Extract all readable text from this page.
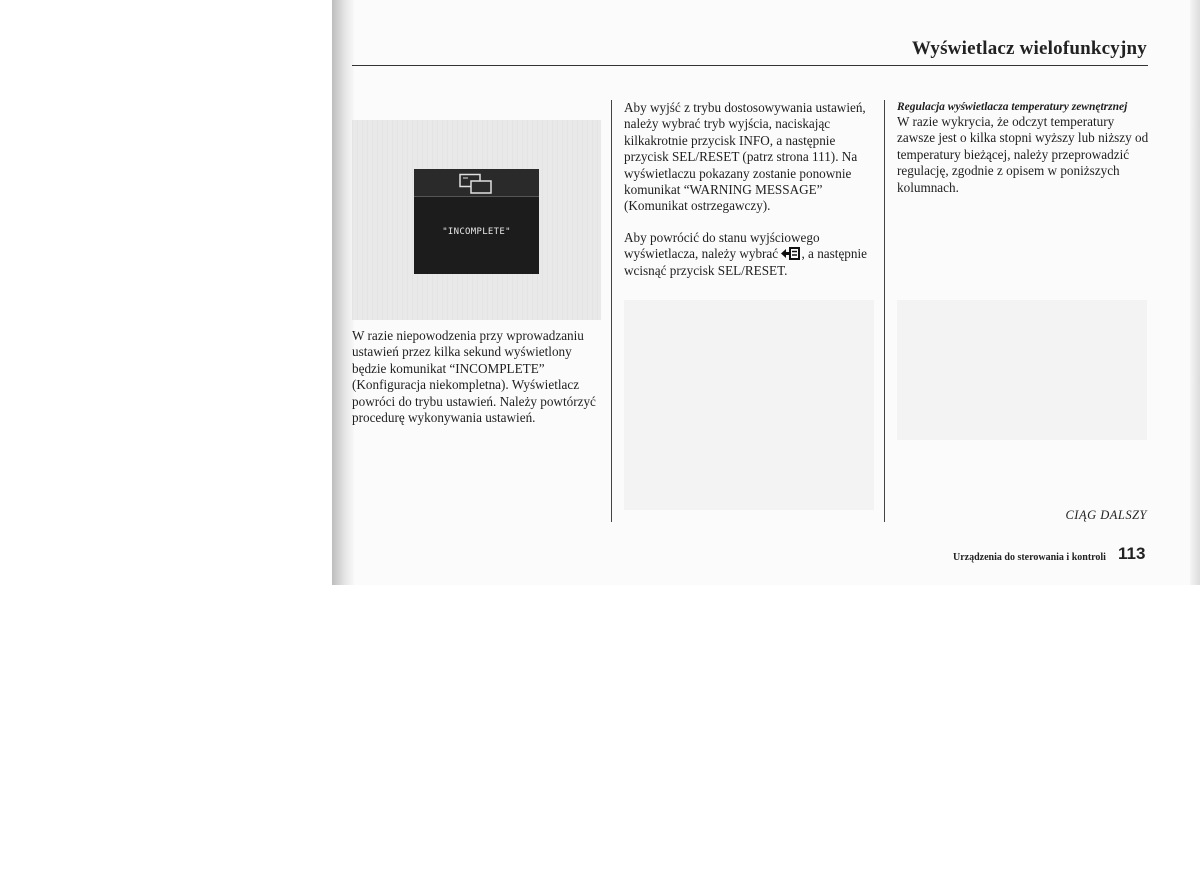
Wyświetlacz wielofunkcyjny
"INCOMPLETE"
W razie niepowodzenia przy wprowadzaniu ustawień przez kilka sekund wyświetlony będzie komunikat “INCOMPLETE” (Konfiguracja niekompletna). Wyświetlacz powróci do trybu ustawień. Należy powtórzyć procedurę wykonywania ustawień.
Aby wyjść z trybu dostosowywania ustawień, należy wybrać tryb wyjścia, naciskając kilkakrotnie przycisk INFO, a następnie przycisk SEL/RESET (patrz strona 111). Na wyświetlaczu pokazany zostanie ponownie komunikat “WARNING MESSAGE” (Komunikat ostrzegawczy).
Aby powrócić do stanu wyjściowego wyświetlacza, należy wybrać , a następnie wcisnąć przycisk SEL/RESET.
Regulacja wyświetlacza temperatury zewnętrznej
W razie wykrycia, że odczyt temperatury zawsze jest o kilka stopni wyższy lub niższy od temperatury bieżącej, należy przeprowadzić regulację, zgodnie z opisem w poniższych kolumnach.
CIĄG DALSZY
Urządzenia do sterowania i kontroli 113
